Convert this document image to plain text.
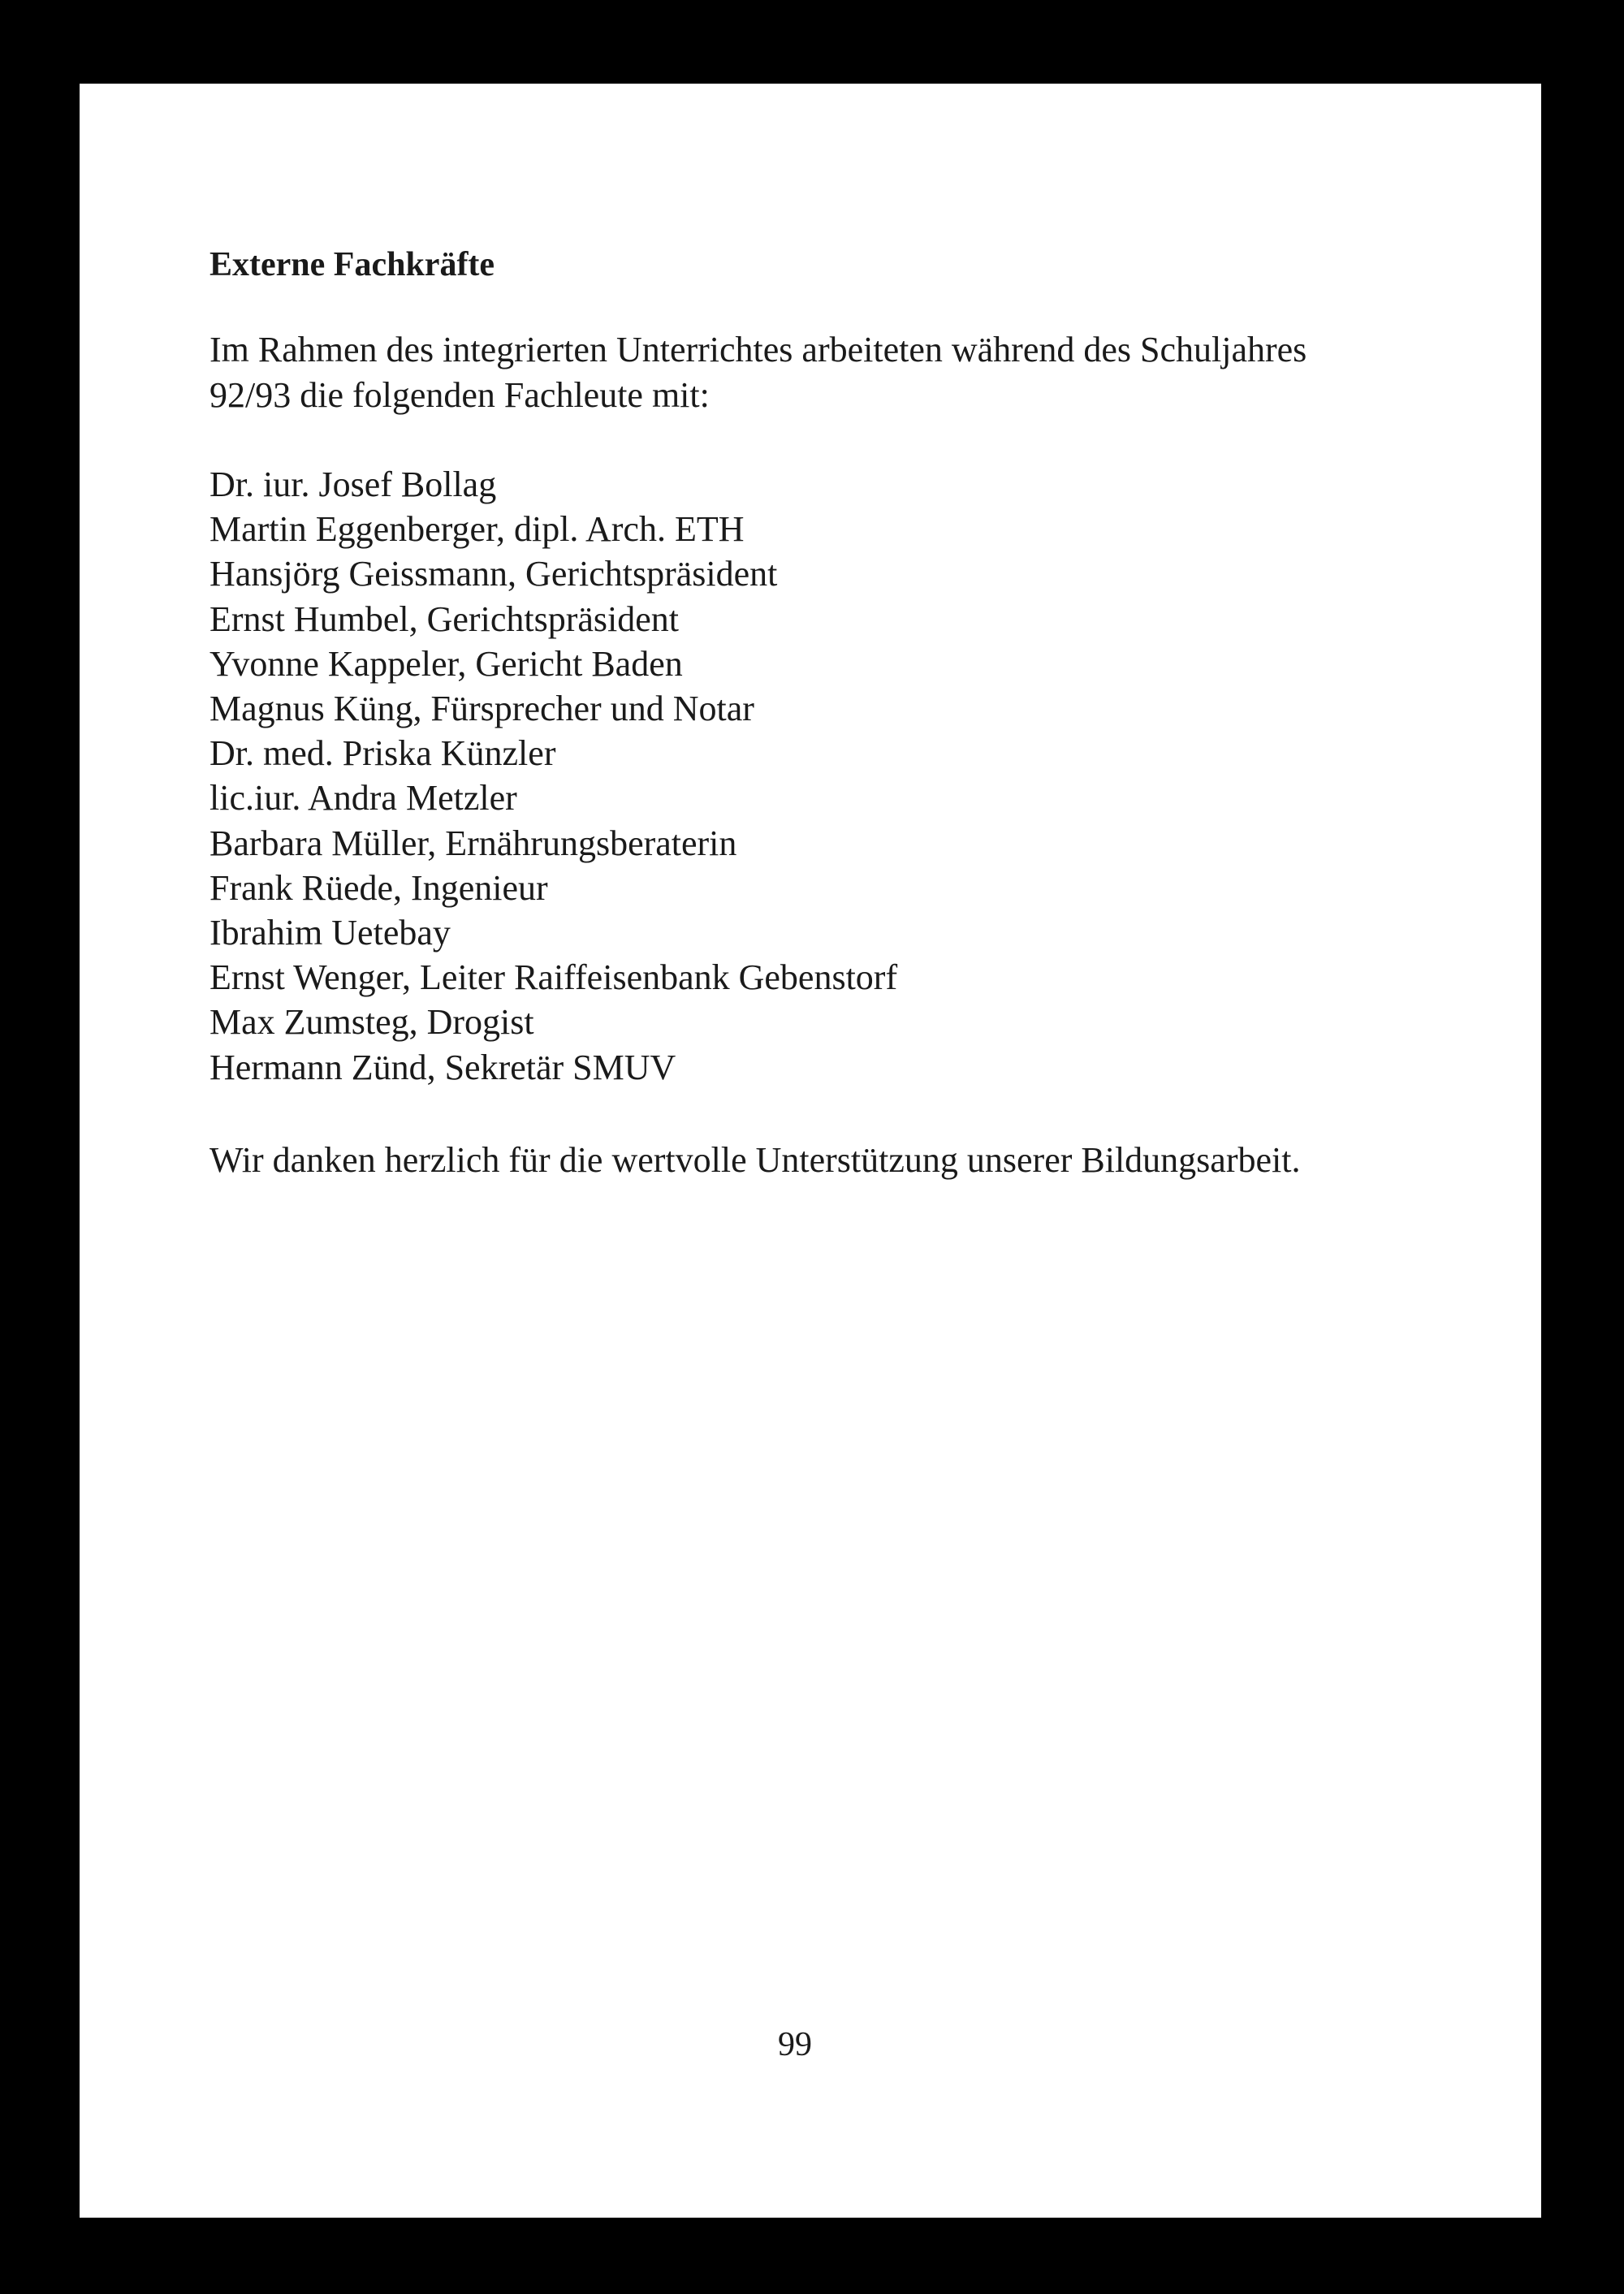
Externe Fachkräfte
Im Rahmen des integrierten Unterrichtes arbeiteten während des Schuljahres
92/93 die folgenden Fachleute mit:
Dr. iur. Josef Bollag
Martin Eggenberger, dipl. Arch. ETH
Hansjörg Geissmann, Gerichtspräsident
Ernst Humbel, Gerichtspräsident
Yvonne Kappeler, Gericht Baden
Magnus Küng, Fürsprecher und Notar
Dr. med. Priska Künzler
lic.iur. Andra Metzler
Barbara Müller, Ernährungsberaterin
Frank Rüede, Ingenieur
Ibrahim Uetebay
Ernst Wenger, Leiter Raiffeisenbank Gebenstorf
Max Zumsteg, Drogist
Hermann Zünd, Sekretär SMUV
Wir danken herzlich für die wertvolle Unterstützung unserer Bildungsarbeit.
99
